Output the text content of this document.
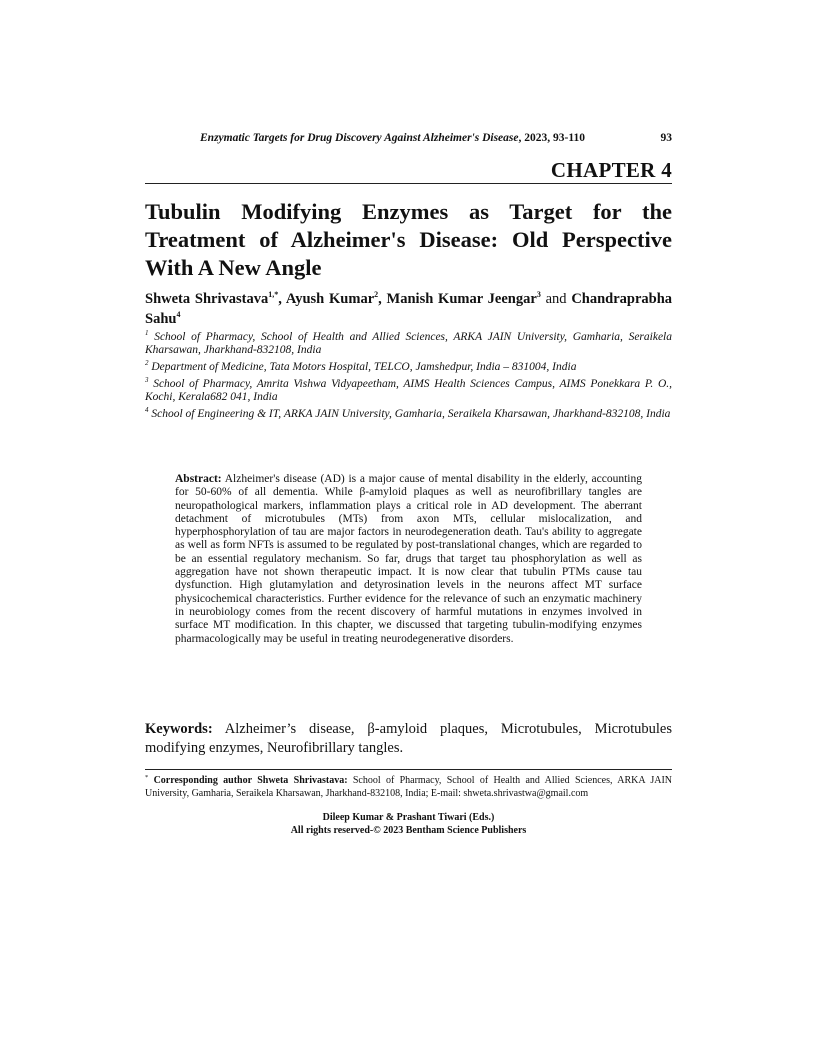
Enzymatic Targets for Drug Discovery Against Alzheimer's Disease, 2023, 93-110	93
CHAPTER 4
Tubulin Modifying Enzymes as Target for the Treatment of Alzheimer's Disease: Old Perspective With A New Angle
Shweta Shrivastava$^{1,*}$, Ayush Kumar$^2$, Manish Kumar Jeengar$^3$ and Chandraprabha Sahu$^4$
$^1$ School of Pharmacy, School of Health and Allied Sciences, ARKA JAIN University, Gamharia, Seraikela Kharsawan, Jharkhand-832108, India
$^2$ Department of Medicine, Tata Motors Hospital, TELCO, Jamshedpur, India – 831004, India
$^3$ School of Pharmacy, Amrita Vishwa Vidyapeetham, AIMS Health Sciences Campus, AIMS Ponekkara P. O., Kochi, Kerala682 041, India
$^4$ School of Engineering & IT, ARKA JAIN University, Gamharia, Seraikela Kharsawan, Jharkhand-832108, India
Abstract: Alzheimer's disease (AD) is a major cause of mental disability in the elderly, accounting for 50-60% of all dementia. While β-amyloid plaques as well as neurofibrillary tangles are neuropathological markers, inflammation plays a critical role in AD development. The aberrant detachment of microtubules (MTs) from axon MTs, cellular mislocalization, and hyperphosphorylation of tau are major factors in neurodegeneration death. Tau's ability to aggregate as well as form NFTs is assumed to be regulated by post-translational changes, which are regarded to be an essential regulatory mechanism. So far, drugs that target tau phosphorylation as well as aggregation have not shown therapeutic impact. It is now clear that tubulin PTMs cause tau dysfunction. High glutamylation and detyrosination levels in the neurons affect MT surface physicochemical characteristics. Further evidence for the relevance of such an enzymatic machinery in neurobiology comes from the recent discovery of harmful mutations in enzymes involved in surface MT modification. In this chapter, we discussed that targeting tubulin-modifying enzymes pharmacologically may be useful in treating neurodegenerative disorders.
Keywords: Alzheimer’s disease, β-amyloid plaques, Microtubules, Microtubules modifying enzymes, Neurofibrillary tangles.
* Corresponding author Shweta Shrivastava: School of Pharmacy, School of Health and Allied Sciences, ARKA JAIN University, Gamharia, Seraikela Kharsawan, Jharkhand-832108, India; E-mail: shweta.shrivastwa@gmail.com
Dileep Kumar & Prashant Tiwari (Eds.)
All rights reserved-© 2023 Bentham Science Publishers
